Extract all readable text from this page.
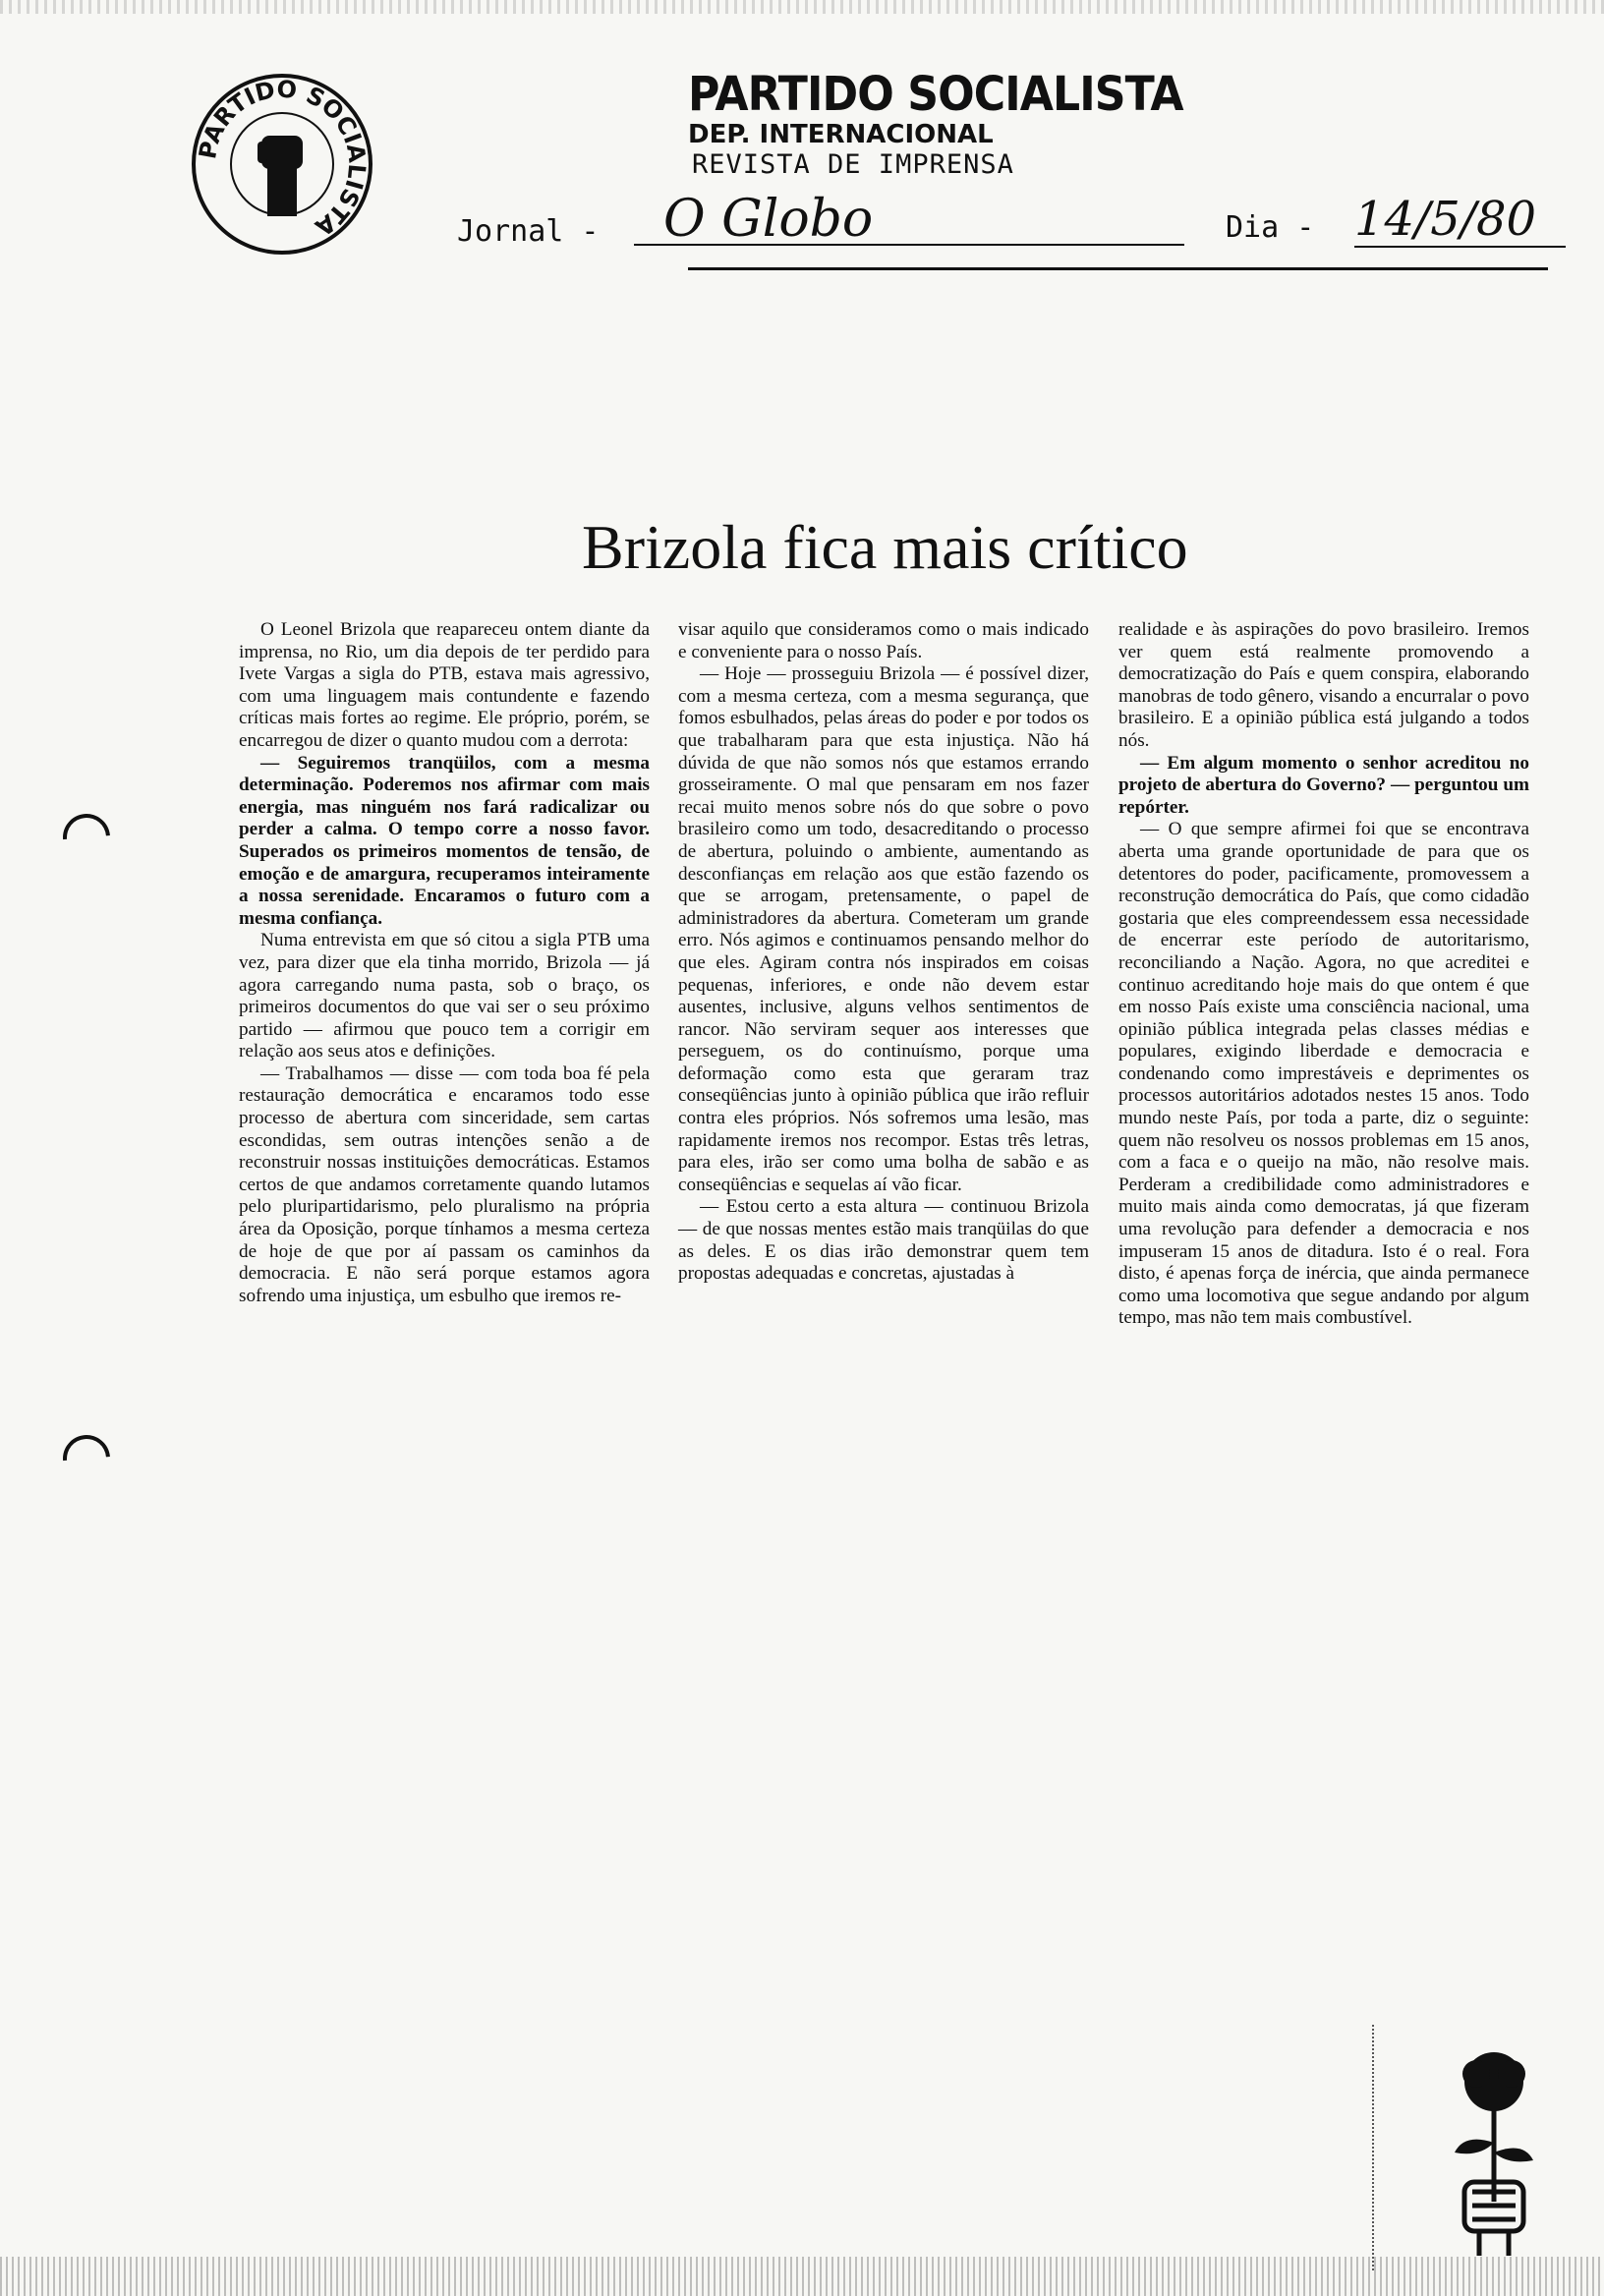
PARTIDO SOCIALISTA
PARTIDO SOCIALISTA
DEP. INTERNACIONAL
REVISTA DE IMPRENSA
Jornal -	O Globo	Dia - 14/5/80
Brizola fica mais crítico

O Leonel Brizola que reapareceu ontem diante da imprensa, no Rio, um dia depois de ter perdido para Ivete Vargas a sigla do PTB, estava mais agressivo, com uma linguagem mais contundente e fazendo críticas mais fortes ao regime. Ele próprio, porém, se encarregou de dizer o quanto mudou com a derrota:

— Seguiremos tranqüilos, com a mesma determinação. Poderemos nos afirmar com mais energia, mas ninguém nos fará radicalizar ou perder a calma. O tempo corre a nosso favor. Superados os primeiros momentos de tensão, de emoção e de amargura, recuperamos inteiramente a nossa serenidade. Encaramos o futuro com a mesma confiança.

Numa entrevista em que só citou a sigla PTB uma vez, para dizer que ela tinha morrido, Brizola — já agora carregando numa pasta, sob o braço, os primeiros documentos do que vai ser o seu próximo partido — afirmou que pouco tem a corrigir em relação aos seus atos e definições.

— Trabalhamos — disse — com toda boa fé pela restauração democrática e encaramos todo esse processo de abertura com sinceridade, sem cartas escondidas, sem outras intenções senão a de reconstruir nossas instituições democráticas. Estamos certos de que andamos corretamente quando lutamos pelo pluripartidarismo, pelo pluralismo na própria área da Oposição, porque tínhamos a mesma certeza de hoje de que por aí passam os caminhos da democracia. E não será porque estamos agora sofrendo uma injustiça, um esbulho que iremos re-

visar aquilo que consideramos como o mais indicado e conveniente para o nosso País.

— Hoje — prosseguiu Brizola — é possível dizer, com a mesma certeza, com a mesma segurança, que fomos esbulhados, pelas áreas do poder e por todos os que trabalharam para que esta injustiça. Não há dúvida de que não somos nós que estamos errando grosseiramente. O mal que pensaram em nos fazer recai muito menos sobre nós do que sobre o povo brasileiro como um todo, desacreditando o processo de abertura, poluindo o ambiente, aumentando as desconfianças em relação aos que estão fazendo os que se arrogam, pretensamente, o papel de administradores da abertura. Cometeram um grande erro. Nós agimos e continuamos pensando melhor do que eles. Agiram contra nós inspirados em coisas pequenas, inferiores, e onde não devem estar ausentes, inclusive, alguns velhos sentimentos de rancor. Não serviram sequer aos interesses que perseguem, os do continuísmo, porque uma deformação como esta que geraram traz conseqüências junto à opinião pública que irão refluir contra eles próprios. Nós sofremos uma lesão, mas rapidamente iremos nos recompor. Estas três letras, para eles, irão ser como uma bolha de sabão e as conseqüências e sequelas aí vão ficar.

— Estou certo a esta altura — continuou Brizola — de que nossas mentes estão mais tranqüilas do que as deles. E os dias irão demonstrar quem tem propostas adequadas e concretas, ajustadas à

realidade e às aspirações do povo brasileiro. Iremos ver quem está realmente promovendo a democratização do País e quem conspira, elaborando manobras de todo gênero, visando a encurralar o povo brasileiro. E a opinião pública está julgando a todos nós.

— Em algum momento o senhor acreditou no projeto de abertura do Governo? — perguntou um repórter.

— O que sempre afirmei foi que se encontrava aberta uma grande oportunidade de para que os detentores do poder, pacificamente, promovessem a reconstrução democrática do País, que como cidadão gostaria que eles compreendessem essa necessidade de encerrar este período de autoritarismo, reconciliando a Nação. Agora, no que acreditei e continuo acreditando hoje mais do que ontem é que em nosso País existe uma consciência nacional, uma opinião pública integrada pelas classes médias e populares, exigindo liberdade e democracia e condenando como imprestáveis e deprimentes os processos autoritários adotados nestes 15 anos. Todo mundo neste País, por toda a parte, diz o seguinte: quem não resolveu os nossos problemas em 15 anos, com a faca e o queijo na mão, não resolve mais. Perderam a credibilidade como administradores e muito mais ainda como democratas, já que fizeram uma revolução para defender a democracia e nos impuseram 15 anos de ditadura. Isto é o real. Fora disto, é apenas força de inércia, que ainda permanece como uma locomotiva que segue andando por algum tempo, mas não tem mais combustível.
